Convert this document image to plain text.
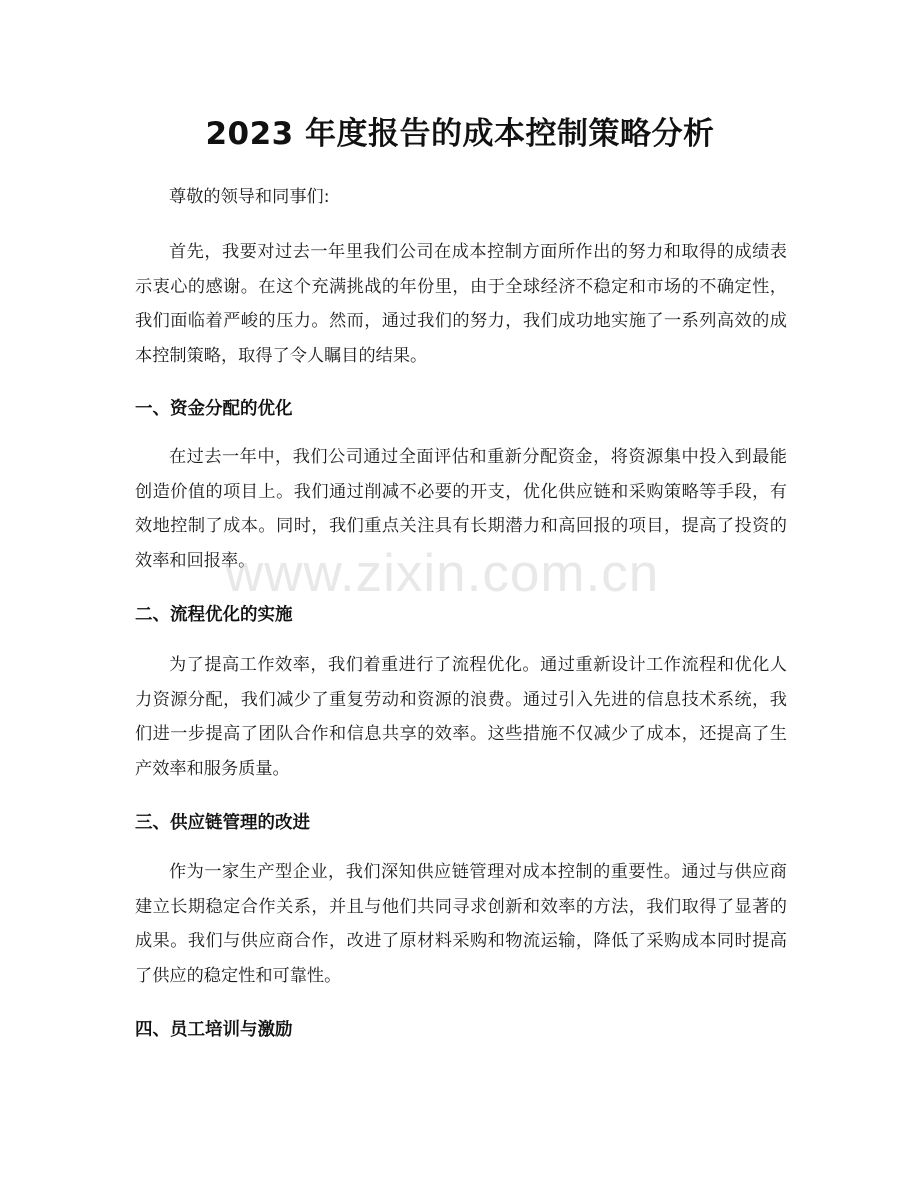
2023 年度报告的成本控制策略分析

尊敬的领导和同事们:

首先，我要对过去一年里我们公司在成本控制方面所作出的努力和取得的成绩表示衷心的感谢。在这个充满挑战的年份里，由于全球经济不稳定和市场的不确定性，我们面临着严峻的压力。然而，通过我们的努力，我们成功地实施了一系列高效的成本控制策略，取得了令人瞩目的结果。

一、资金分配的优化

在过去一年中，我们公司通过全面评估和重新分配资金，将资源集中投入到最能创造价值的项目上。我们通过削减不必要的开支，优化供应链和采购策略等手段，有效地控制了成本。同时，我们重点关注具有长期潜力和高回报的项目，提高了投资的效率和回报率。

二、流程优化的实施

为了提高工作效率，我们着重进行了流程优化。通过重新设计工作流程和优化人力资源分配，我们减少了重复劳动和资源的浪费。通过引入先进的信息技术系统，我们进一步提高了团队合作和信息共享的效率。这些措施不仅减少了成本，还提高了生产效率和服务质量。

三、供应链管理的改进

作为一家生产型企业，我们深知供应链管理对成本控制的重要性。通过与供应商建立长期稳定合作关系，并且与他们共同寻求创新和效率的方法，我们取得了显著的成果。我们与供应商合作，改进了原材料采购和物流运输，降低了采购成本同时提高了供应的稳定性和可靠性。

四、员工培训与激励
www.zixin.com.cn
